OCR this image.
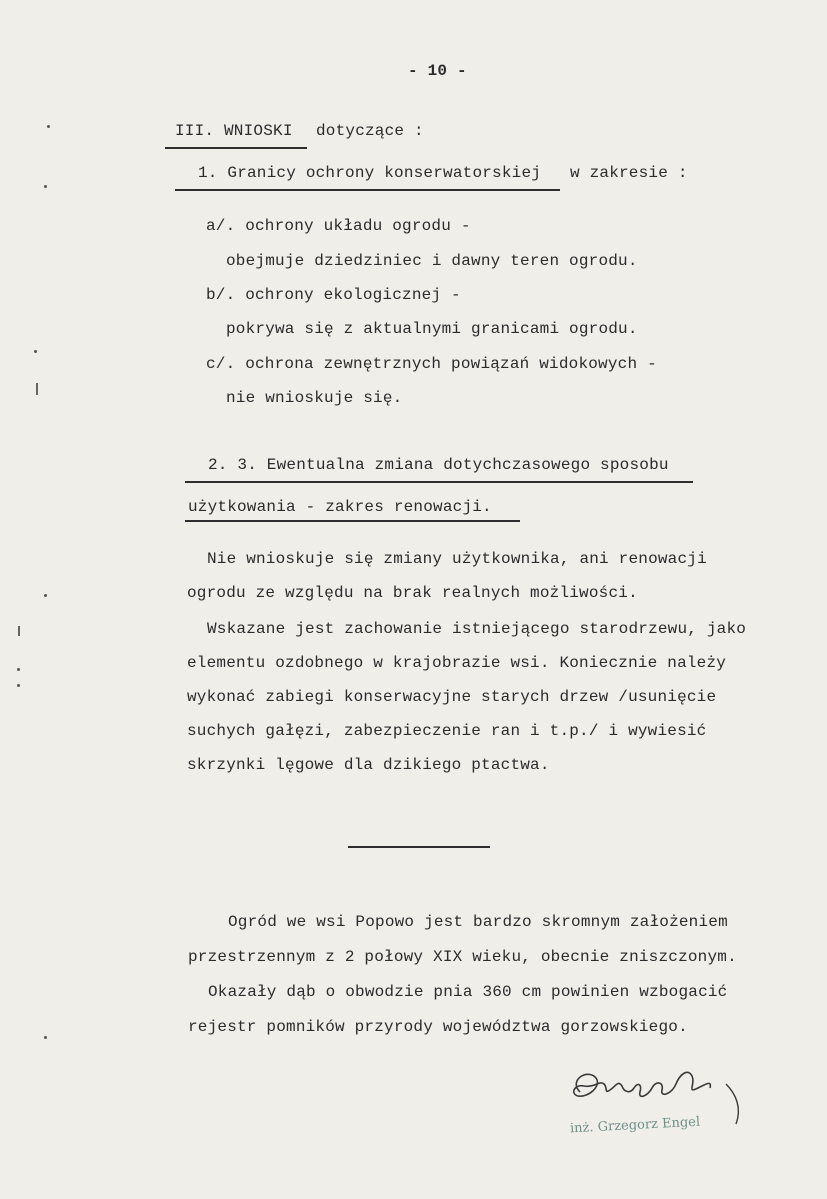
- 10 -
III. WNIOSKI dotyczące :
1. Granicy ochrony konserwatorskiej w zakresie :
a/. ochrony układu ogrodu -
obejmuje dziedziniec i dawny teren ogrodu.
b/. ochrony ekologicznej -
pokrywa się z aktualnymi granicami ogrodu.
c/. ochrona zewnętrznych powiązań widokowych -
nie wnioskuje się.
2. 3. Ewentualna zmiana dotychczasowego sposobu
użytkowania - zakres renowacji.
Nie wnioskuje się zmiany użytkownika, ani renowacji
ogrodu ze względu na brak realnych możliwości.
Wskazane jest zachowanie istniejącego starodrzewu, jako
elementu ozdobnego w krajobrazie wsi. Koniecznie należy
wykonać zabiegi konserwacyjne starych drzew /usunięcie
suchych gałęzi, zabezpieczenie ran i t.p./ i wywiesić
skrzynki lęgowe dla dzikiego ptactwa.
Ogród we wsi Popowo jest bardzo skromnym założeniem
przestrzennym z 2 połowy XIX wieku, obecnie zniszczonym.
Okazały dąb o obwodzie pnia 360 cm powinien wzbogacić
rejestr pomników przyrody województwa gorzowskiego.
inż. Grzegorz Engel
